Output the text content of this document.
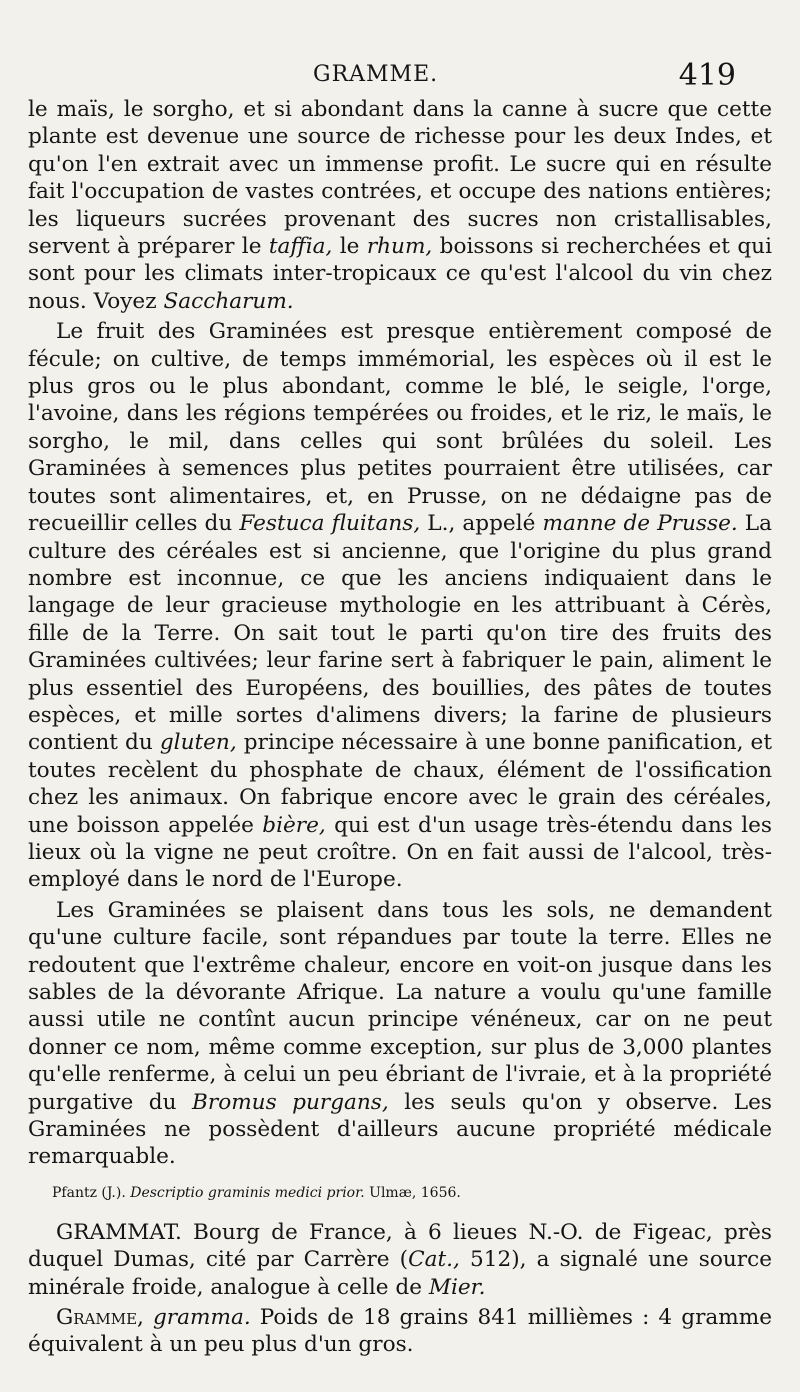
GRAMME.	419

le maïs, le sorgho, et si abondant dans la canne à sucre que cette plante est devenue une source de richesse pour les deux Indes, et qu'on l'en extrait avec un immense profit. Le sucre qui en résulte fait l'occupation de vastes contrées, et occupe des nations entières; les liqueurs sucrées provenant des sucres non cristallisables, servent à préparer le taffia, le rhum, boissons si recherchées et qui sont pour les climats inter-tropicaux ce qu'est l'alcool du vin chez nous. Voyez Saccharum.

Le fruit des Graminées est presque entièrement composé de fécule; on cultive, de temps immémorial, les espèces où il est le plus gros ou le plus abondant, comme le blé, le seigle, l'orge, l'avoine, dans les régions tempérées ou froides, et le riz, le maïs, le sorgho, le mil, dans celles qui sont brûlées du soleil. Les Graminées à semences plus petites pourraient être utilisées, car toutes sont alimentaires, et, en Prusse, on ne dédaigne pas de recueillir celles du Festuca fluitans, L., appelé manne de Prusse. La culture des céréales est si ancienne, que l'origine du plus grand nombre est inconnue, ce que les anciens indiquaient dans le langage de leur gracieuse mythologie en les attribuant à Cérès, fille de la Terre. On sait tout le parti qu'on tire des fruits des Graminées cultivées; leur farine sert à fabriquer le pain, aliment le plus essentiel des Européens, des bouillies, des pâtes de toutes espèces, et mille sortes d'alimens divers; la farine de plusieurs contient du gluten, principe nécessaire à une bonne panification, et toutes recèlent du phosphate de chaux, élément de l'ossification chez les animaux. On fabrique encore avec le grain des céréales, une boisson appelée bière, qui est d'un usage très-étendu dans les lieux où la vigne ne peut croître. On en fait aussi de l'alcool, très-employé dans le nord de l'Europe.

Les Graminées se plaisent dans tous les sols, ne demandent qu'une culture facile, sont répandues par toute la terre. Elles ne redoutent que l'extrême chaleur, encore en voit-on jusque dans les sables de la dévorante Afrique. La nature a voulu qu'une famille aussi utile ne contînt aucun principe vénéneux, car on ne peut donner ce nom, même comme exception, sur plus de 3,000 plantes qu'elle renferme, à celui un peu ébriant de l'ivraie, et à la propriété purgative du Bromus purgans, les seuls qu'on y observe. Les Graminées ne possèdent d'ailleurs aucune propriété médicale remarquable.

Pfantz (J.). Descriptio graminis medici prior. Ulmæ, 1656.

GRAMMAT. Bourg de France, à 6 lieues N.-O. de Figeac, près duquel Dumas, cité par Carrère (Cat., 512), a signalé une source minérale froide, analogue à celle de Mier.

Gramme, gramma. Poids de 18 grains 841 millièmes : 4 gramme équivalent à un peu plus d'un gros.
